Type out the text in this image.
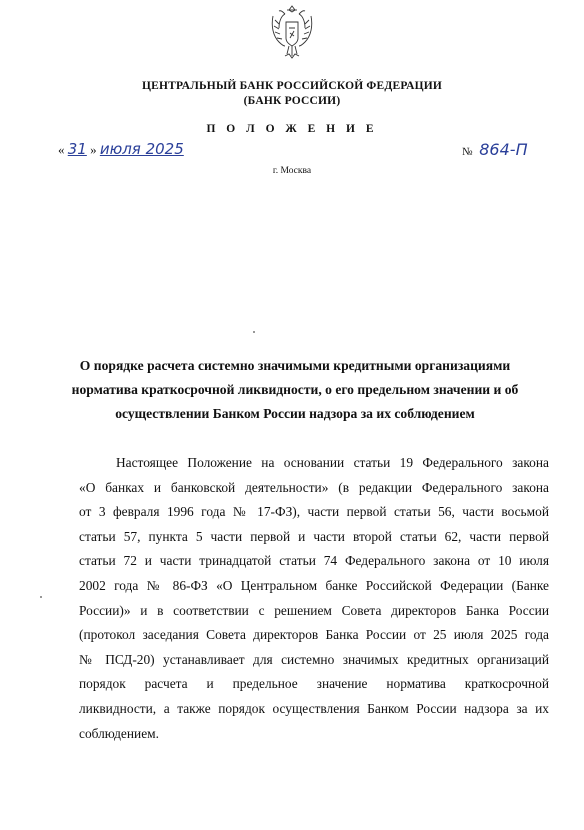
ЦЕНТРАЛЬНЫЙ БАНК РОССИЙСКОЙ ФЕДЕРАЦИИ
(БАНК РОССИИ)
П О Л О Ж Е Н И Е
« 31 » июля 2025	№ 864-П
г. Москва
О порядке расчета системно значимыми кредитными организациями
норматива краткосрочной ликвидности, о его предельном значении и об
осуществлении Банком России надзора за их соблюдением
Настоящее Положение на основании статьи 19 Федерального закона
«О банках и банковской деятельности» (в редакции Федерального закона
от 3 февраля 1996 года № 17-ФЗ), части первой статьи 56, части восьмой
статьи 57, пункта 5 части первой и части второй статьи 62, части первой
статьи 72 и части тринадцатой статьи 74 Федерального закона от 10 июля
2002 года № 86-ФЗ «О Центральном банке Российской Федерации (Банке
России)» и в соответствии с решением Совета директоров Банка России
(протокол заседания Совета директоров Банка России от 25 июля 2025 года
№ ПСД-20) устанавливает для системно значимых кредитных организаций
порядок расчета и предельное значение норматива краткосрочной
ликвидности, а также порядок осуществления Банком России надзора за их
соблюдением.
